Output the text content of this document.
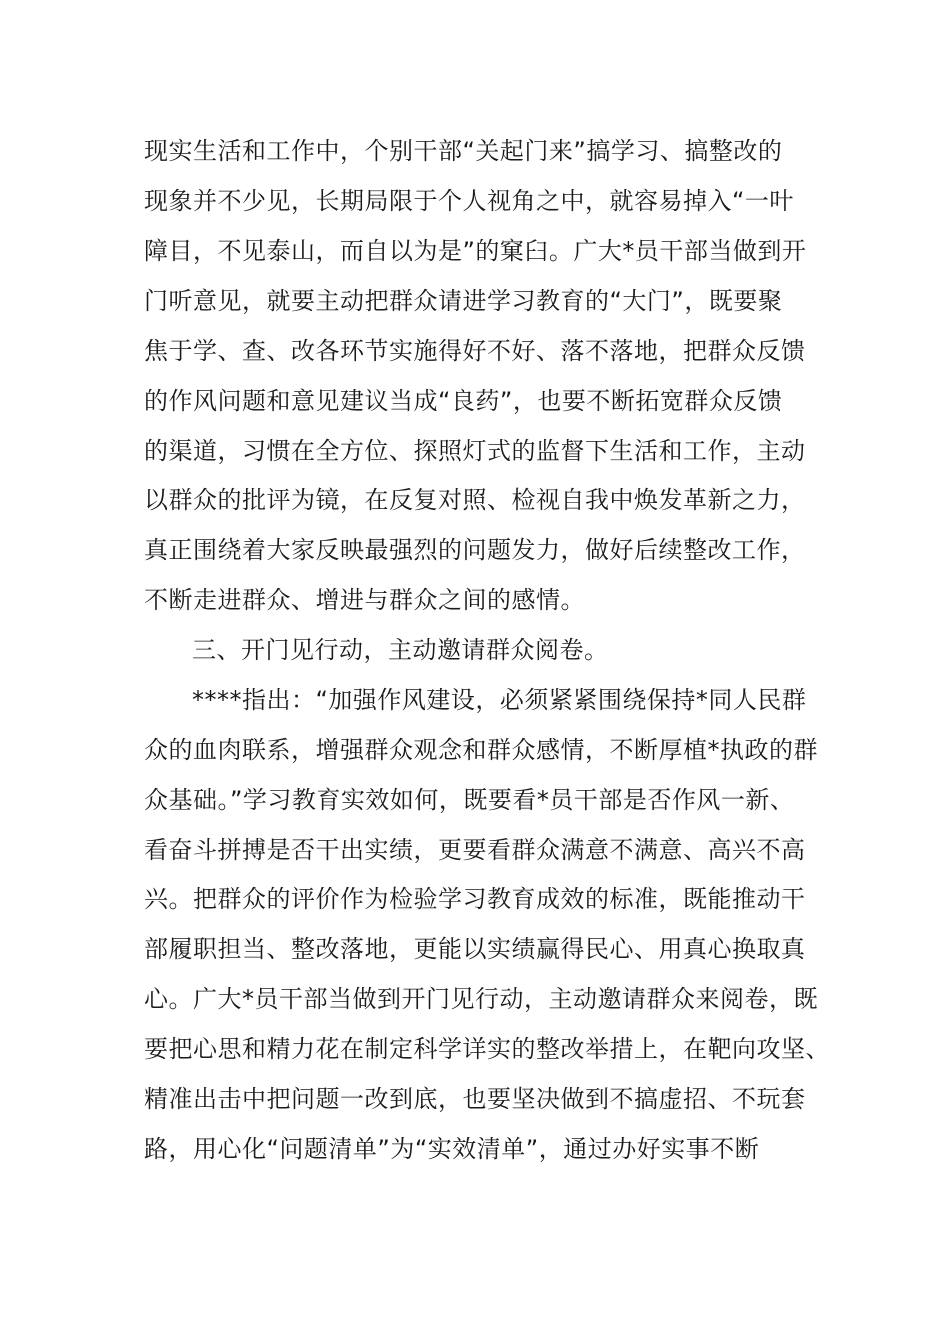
现实生活和工作中，个别干部“关起门来”搞学习、搞整改的
现象并不少见，长期局限于个人视角之中，就容易掉入“一叶
障目，不见泰山，而自以为是”的窠臼。广大*员干部当做到开
门听意见，就要主动把群众请进学习教育的“大门”，既要聚
焦于学、查、改各环节实施得好不好、落不落地，把群众反馈
的作风问题和意见建议当成“良药”，也要不断拓宽群众反馈
的渠道，习惯在全方位、探照灯式的监督下生活和工作，主动
以群众的批评为镜，在反复对照、检视自我中焕发革新之力，
真正围绕着大家反映最强烈的问题发力，做好后续整改工作，
不断走进群众、增进与群众之间的感情。
三、开门见行动，主动邀请群众阅卷。
****指出：“加强作风建设，必须紧紧围绕保持*同人民群
众的血肉联系，增强群众观念和群众感情，不断厚植*执政的群
众基础。”学习教育实效如何，既要看*员干部是否作风一新、
看奋斗拼搏是否干出实绩，更要看群众满意不满意、高兴不高
兴。把群众的评价作为检验学习教育成效的标准，既能推动干
部履职担当、整改落地，更能以实绩赢得民心、用真心换取真
心。广大*员干部当做到开门见行动，主动邀请群众来阅卷，既
要把心思和精力花在制定科学详实的整改举措上，在靶向攻坚、
精准出击中把问题一改到底，也要坚决做到不搞虚招、不玩套
路，用心化“问题清单”为“实效清单”，通过办好实事不断
